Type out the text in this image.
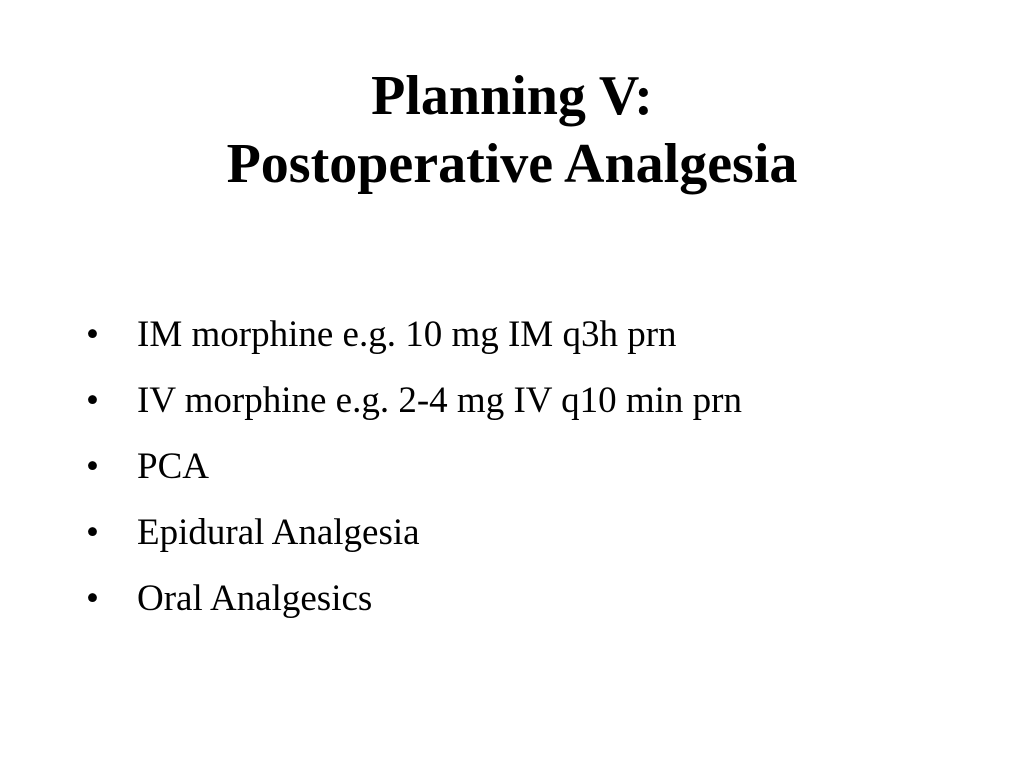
Planning V:
Postoperative Analgesia
•	IM morphine e.g. 10 mg IM q3h prn
•	IV morphine e.g. 2-4 mg IV q10 min prn
•	PCA
•	Epidural Analgesia
•	Oral Analgesics
